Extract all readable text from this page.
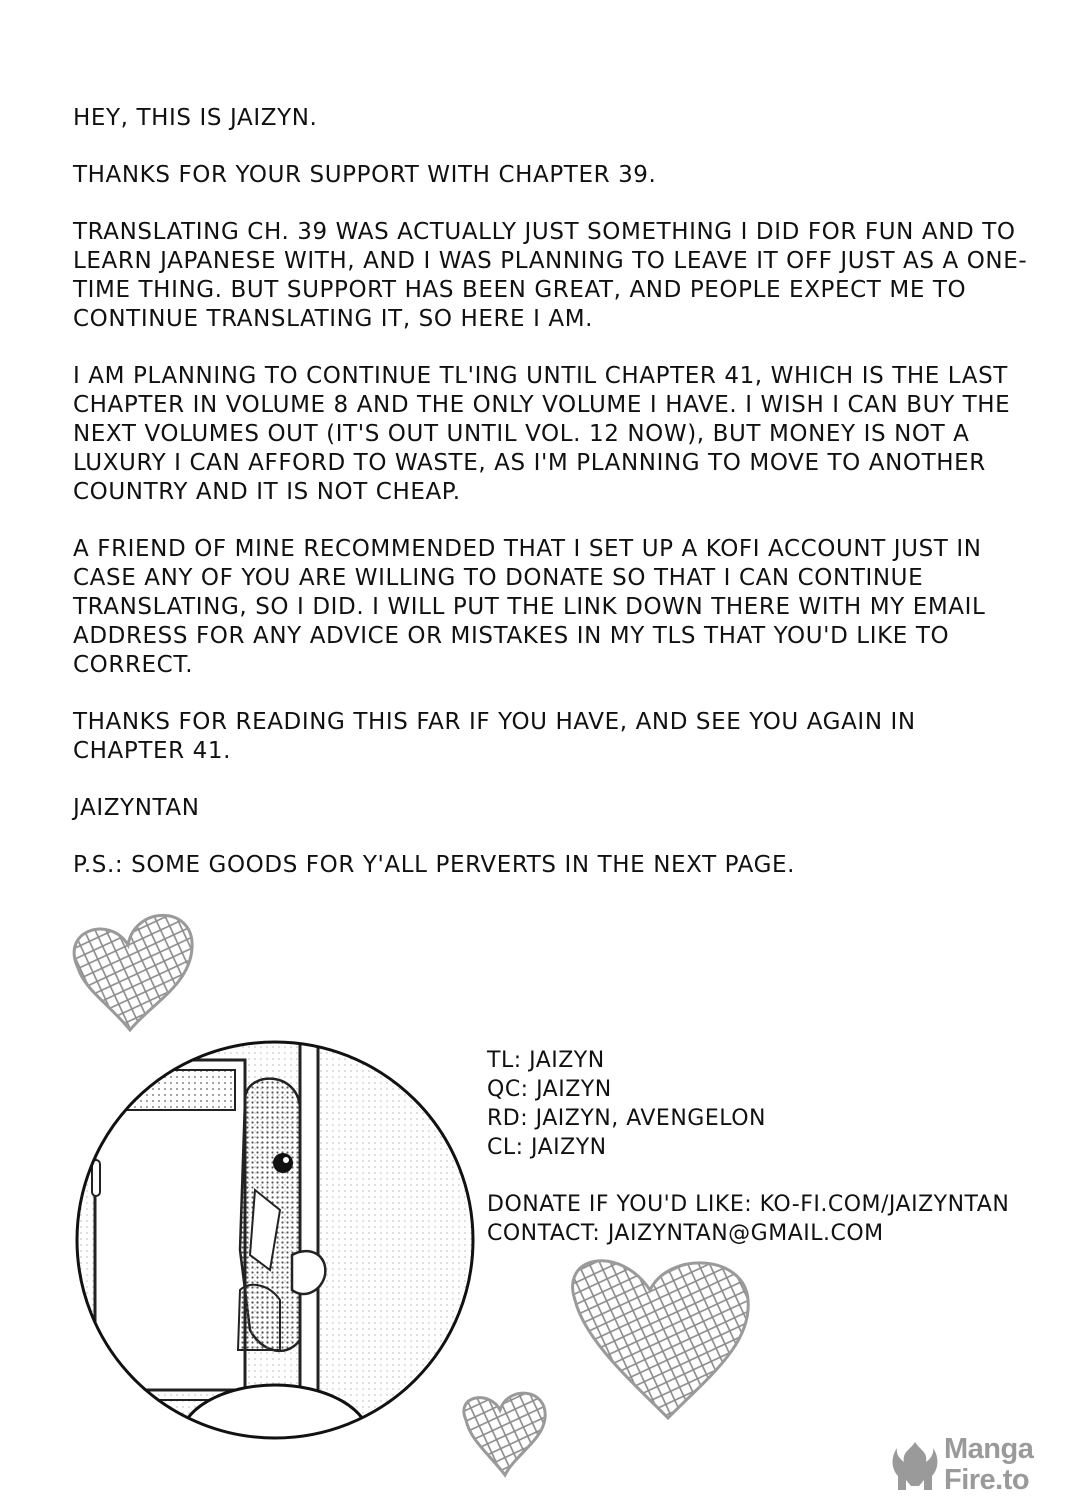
HEY, THIS IS JAIZYN.

THANKS FOR YOUR SUPPORT WITH CHAPTER 39.

TRANSLATING CH. 39 WAS ACTUALLY JUST SOMETHING I DID FOR FUN AND TO LEARN JAPANESE WITH, AND I WAS PLANNING TO LEAVE IT OFF JUST AS A ONE-TIME THING. BUT SUPPORT HAS BEEN GREAT, AND PEOPLE EXPECT ME TO CONTINUE TRANSLATING IT, SO HERE I AM.

I AM PLANNING TO CONTINUE TL'ING UNTIL CHAPTER 41, WHICH IS THE LAST CHAPTER IN VOLUME 8 AND THE ONLY VOLUME I HAVE. I WISH I CAN BUY THE NEXT VOLUMES OUT (IT'S OUT UNTIL VOL. 12 NOW), BUT MONEY IS NOT A LUXURY I CAN AFFORD TO WASTE, AS I'M PLANNING TO MOVE TO ANOTHER COUNTRY AND IT IS NOT CHEAP.

A FRIEND OF MINE RECOMMENDED THAT I SET UP A KOFI ACCOUNT JUST IN CASE ANY OF YOU ARE WILLING TO DONATE SO THAT I CAN CONTINUE TRANSLATING, SO I DID. I WILL PUT THE LINK DOWN THERE WITH MY EMAIL ADDRESS FOR ANY ADVICE OR MISTAKES IN MY TLS THAT YOU'D LIKE TO CORRECT.

THANKS FOR READING THIS FAR IF YOU HAVE, AND SEE YOU AGAIN IN CHAPTER 41.

JAIZYNTAN

P.S.: SOME GOODS FOR Y'ALL PERVERTS IN THE NEXT PAGE.

TL: JAIZYN
QC: JAIZYN
RD: JAIZYN, AVENGELON
CL: JAIZYN
DONATE IF YOU'D LIKE: KO-FI.COM/JAIZYNTAN
CONTACT: JAIZYNTAN@GMAIL.COM
Manga
Fire.to
